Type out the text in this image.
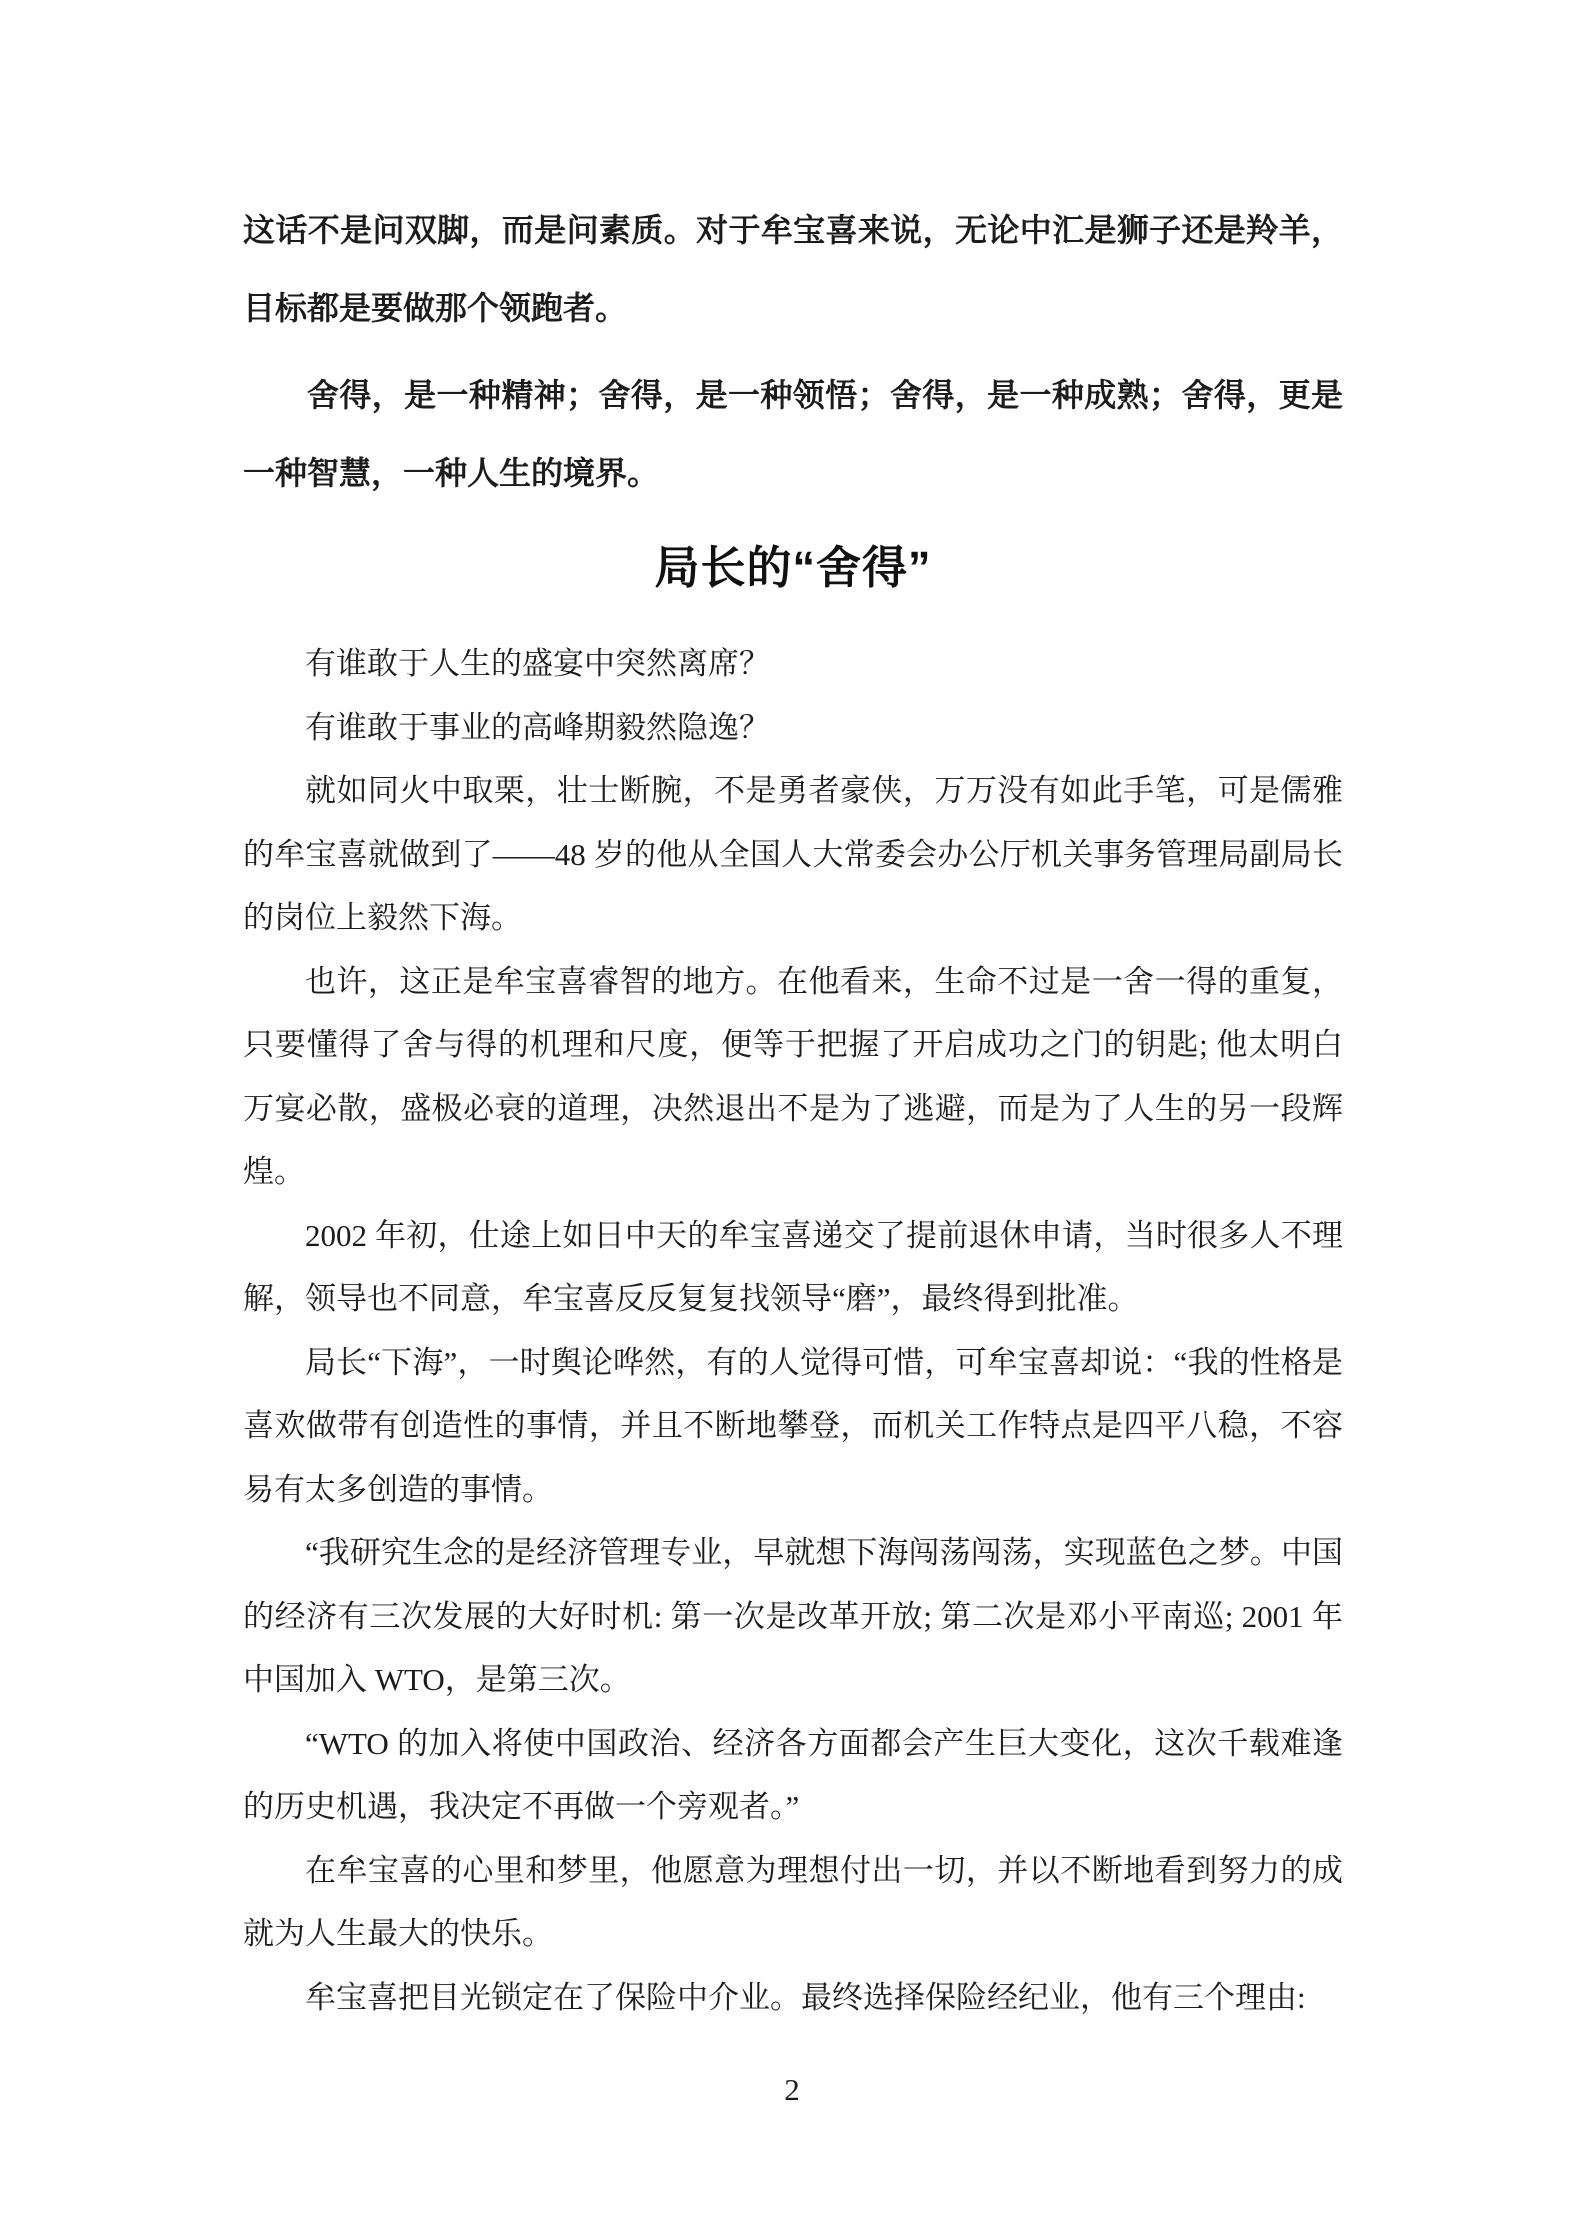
这话不是问双脚，而是问素质。对于牟宝喜来说，无论中汇是狮子还是羚羊，目标都是要做那个领跑者。

舍得，是一种精神；舍得，是一种领悟；舍得，是一种成熟；舍得，更是一种智慧，一种人生的境界。

局长的“舍得”

有谁敢于人生的盛宴中突然离席？

有谁敢于事业的高峰期毅然隐逸？

就如同火中取栗，壮士断腕，不是勇者豪侠，万万没有如此手笔，可是儒雅的牟宝喜就做到了——48 岁的他从全国人大常委会办公厅机关事务管理局副局长的岗位上毅然下海。

也许，这正是牟宝喜睿智的地方。在他看来，生命不过是一舍一得的重复，只要懂得了舍与得的机理和尺度，便等于把握了开启成功之门的钥匙; 他太明白万宴必散，盛极必衰的道理，决然退出不是为了逃避，而是为了人生的另一段辉煌。

2002 年初，仕途上如日中天的牟宝喜递交了提前退休申请，当时很多人不理解，领导也不同意，牟宝喜反反复复找领导“磨”，最终得到批准。

局长“下海”，一时舆论哗然，有的人觉得可惜，可牟宝喜却说：“我的性格是喜欢做带有创造性的事情，并且不断地攀登，而机关工作特点是四平八稳，不容易有太多创造的事情。

“我研究生念的是经济管理专业，早就想下海闯荡闯荡，实现蓝色之梦。中国的经济有三次发展的大好时机: 第一次是改革开放; 第二次是邓小平南巡; 2001 年中国加入 WTO，是第三次。

“WTO 的加入将使中国政治、经济各方面都会产生巨大变化，这次千载难逢的历史机遇，我决定不再做一个旁观者。”

在牟宝喜的心里和梦里，他愿意为理想付出一切，并以不断地看到努力的成就为人生最大的快乐。

牟宝喜把目光锁定在了保险中介业。最终选择保险经纪业，他有三个理由:

2
